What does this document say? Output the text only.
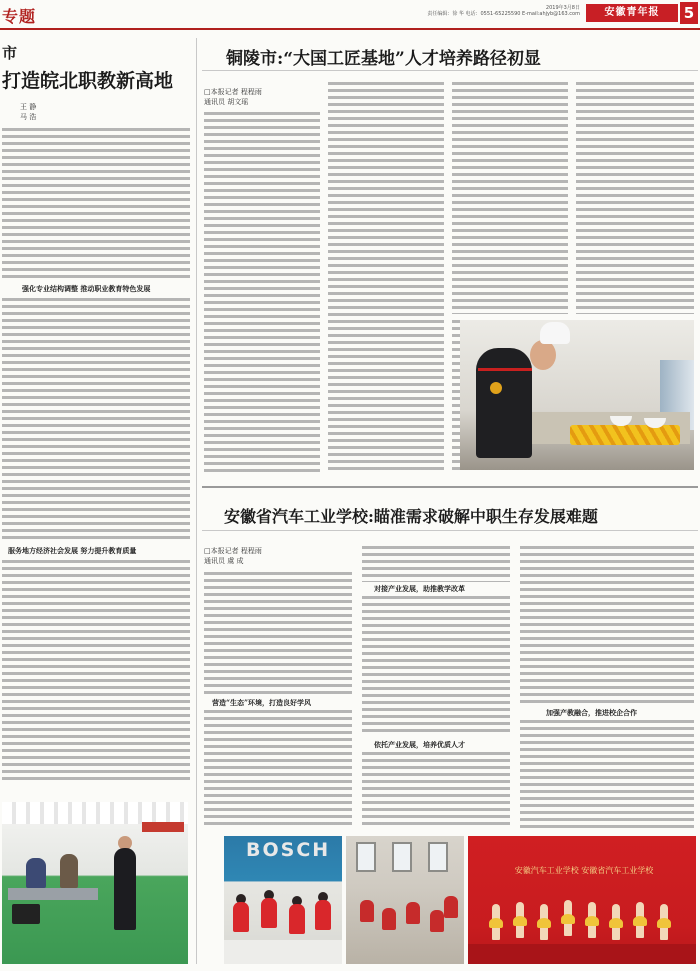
专题	2019年3月8日
责任编辑：徐 华 电话：0551-65225590 E-mail:ahjyb@163.com	安徽青年报	5
市
打造皖北职教新高地
王 静
马 浩
强化专业结构调整 推动职业教育特色发展
服务地方经济社会发展 努力提升教育质量
铜陵市:“大国工匠基地”人才培养路径初显
□本报记者 程程雨
通讯员 胡文瑶
安徽省汽车工业学校:瞄准需求破解中职生存发展难题
□本报记者 程程雨
通讯员 虞 成
营造“生态”环境，打造良好学风
对接产业发展，助推教学改革
依托产业发展，培养优质人才
加强产教融合，推进校企合作
BOSCH
安徽汽车工业学校 安徽省汽车工业学校
